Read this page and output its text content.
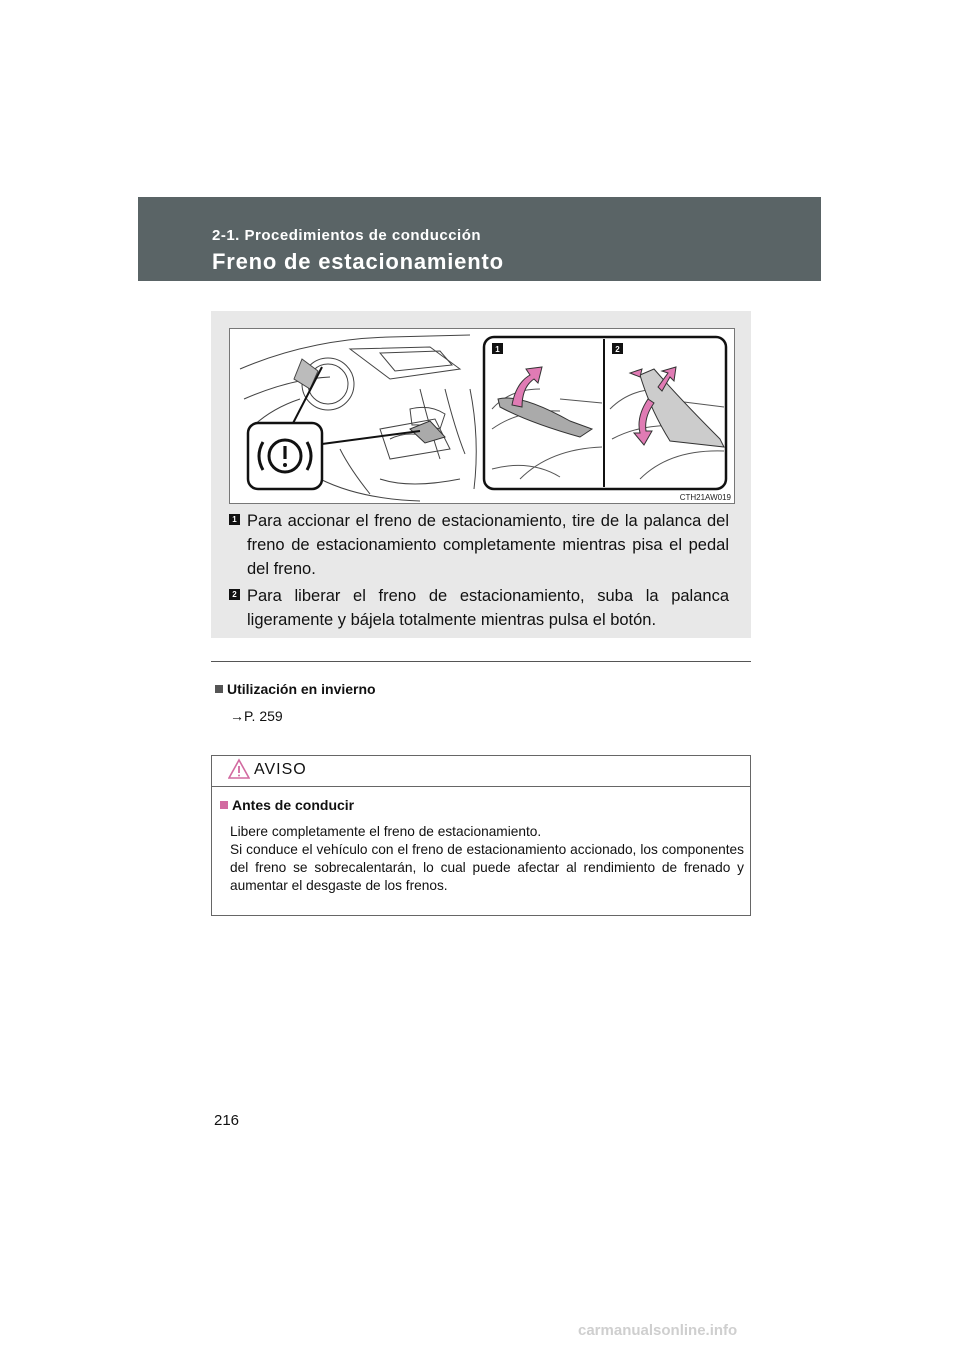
2-1. Procedimientos de conducción
Freno de estacionamiento
1	2
CTH21AW019
1 Para accionar el freno de estacionamiento, tire de la palanca del freno de estacionamiento completamente mientras pisa el pedal del freno.
2 Para liberar el freno de estacionamiento, suba la palanca ligeramente y bájela totalmente mientras pulsa el botón.
Utilización en invierno
→P. 259
AVISO
Antes de conducir

Libere completamente el freno de estacionamiento.

Si conduce el vehículo con el freno de estacionamiento accionado, los componentes del freno se sobrecalentarán, lo cual puede afectar al rendimiento de frenado y aumentar el desgaste de los frenos.

216
carmanualsonline.info
